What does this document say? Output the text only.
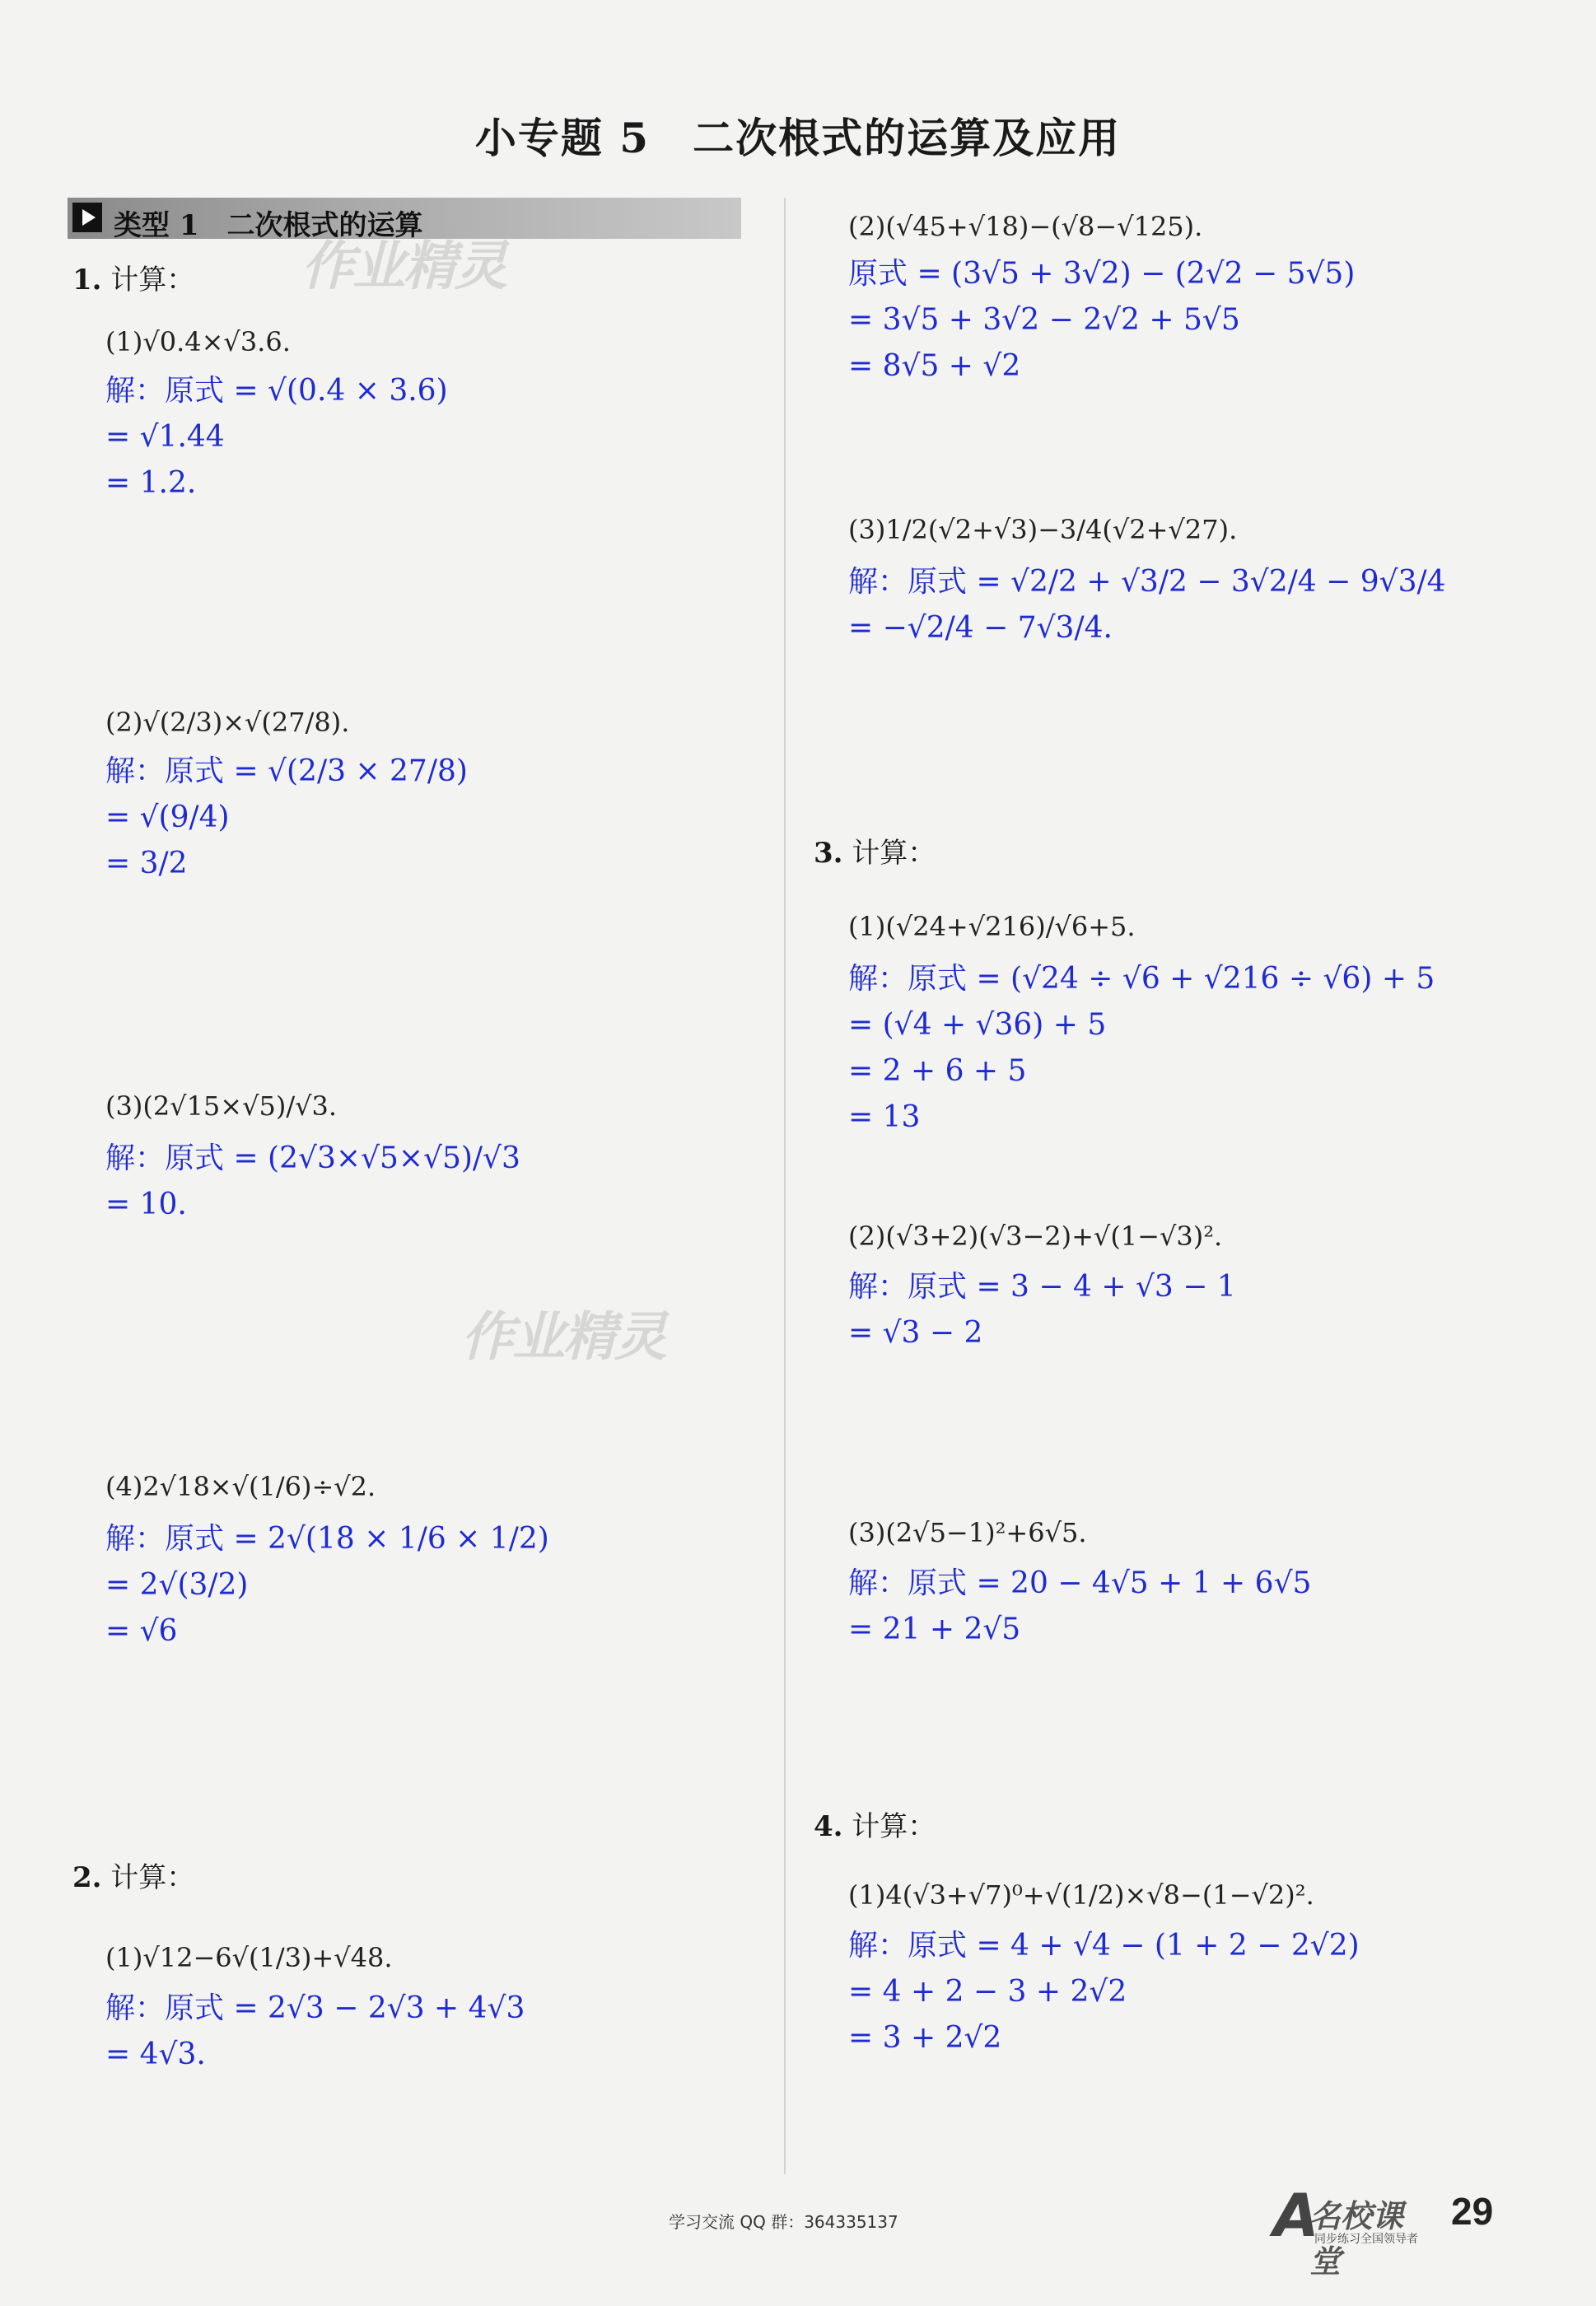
小专题 5　二次根式的运算及应用
类型 1　二次根式的运算
1. 计算：
(1)√0.4×√3.6.
解：原式 = √(0.4 × 3.6)
= √1.44
= 1.2.
(2)√(2/3)×√(27/8).
解：原式 = √(2/3 × 27/8)
= √(9/4)
= 3/2
(3)(2√15×√5)/√3.
解：原式 = (2√3×√5×√5)/√3
= 10.
(4)2√18×√(1/6)÷√2.
解：原式 = 2√(18 × 1/6 × 1/2)
= 2√(3/2)
= √6
2. 计算：
(1)√12−6√(1/3)+√48.
解：原式 = 2√3 − 2√3 + 4√3
= 4√3.
(2)(√45+√18)−(√8−√125).
原式 = (3√5 + 3√2) − (2√2 − 5√5)
= 3√5 + 3√2 − 2√2 + 5√5
= 8√5 + √2
(3)1/2(√2+√3)−3/4(√2+√27).
解：原式 = √2/2 + √3/2 − 3√2/4 − 9√3/4
= −√2/4 − 7√3/4.
3. 计算：
(1)(√24+√216)/√6+5.
解：原式 = (√24 ÷ √6 + √216 ÷ √6) + 5
= (√4 + √36) + 5
= 2 + 6 + 5
= 13
(2)(√3+2)(√3−2)+√(1−√3)².
解：原式 = 3 − 4 + √3 − 1
= √3 − 2
(3)(2√5−1)²+6√5.
解：原式 = 20 − 4√5 + 1 + 6√5
= 21 + 2√5
4. 计算：
(1)4(√3+√7)⁰+√(1/2)×√8−(1−√2)².
解：原式 = 4 + √4 − (1 + 2 − 2√2)
= 4 + 2 − 3 + 2√2
= 3 + 2√2
作业精灵
作业精灵
学习交流 QQ 群：364335137	A
名校课堂
同步练习全国领导者
29
